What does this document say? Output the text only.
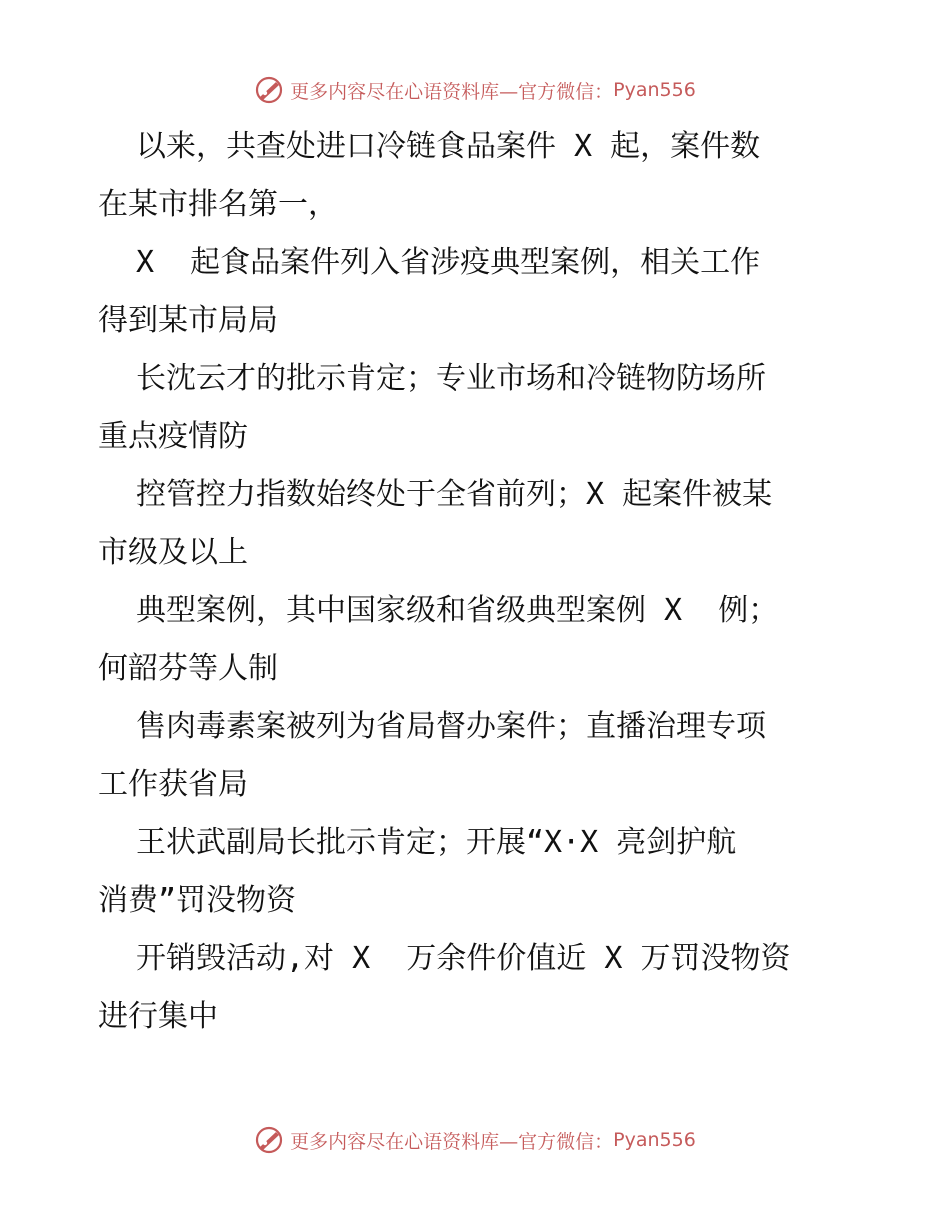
更多内容尽在心语资料库—官方微信： Pyan556

以来，共查处进口冷链食品案件 X 起，案件数
在某市排名第一，

X  起食品案件列入省涉疫典型案例，相关工作
得到某市局局

长沈云才的批示肯定；专业市场和冷链物防场所
重点疫情防

控管控力指数始终处于全省前列；X 起案件被某
市级及以上

典型案例，其中国家级和省级典型案例 X  例；
何韶芬等人制

售肉毒素案被列为省局督办案件；直播治理专项
工作获省局

王状武副局长批示肯定；开展“X·X 亮剑护航
消费”罚没物资

开销毁活动,对 X  万余件价值近 X 万罚没物资
进行集中

更多内容尽在心语资料库—官方微信： Pyan556
